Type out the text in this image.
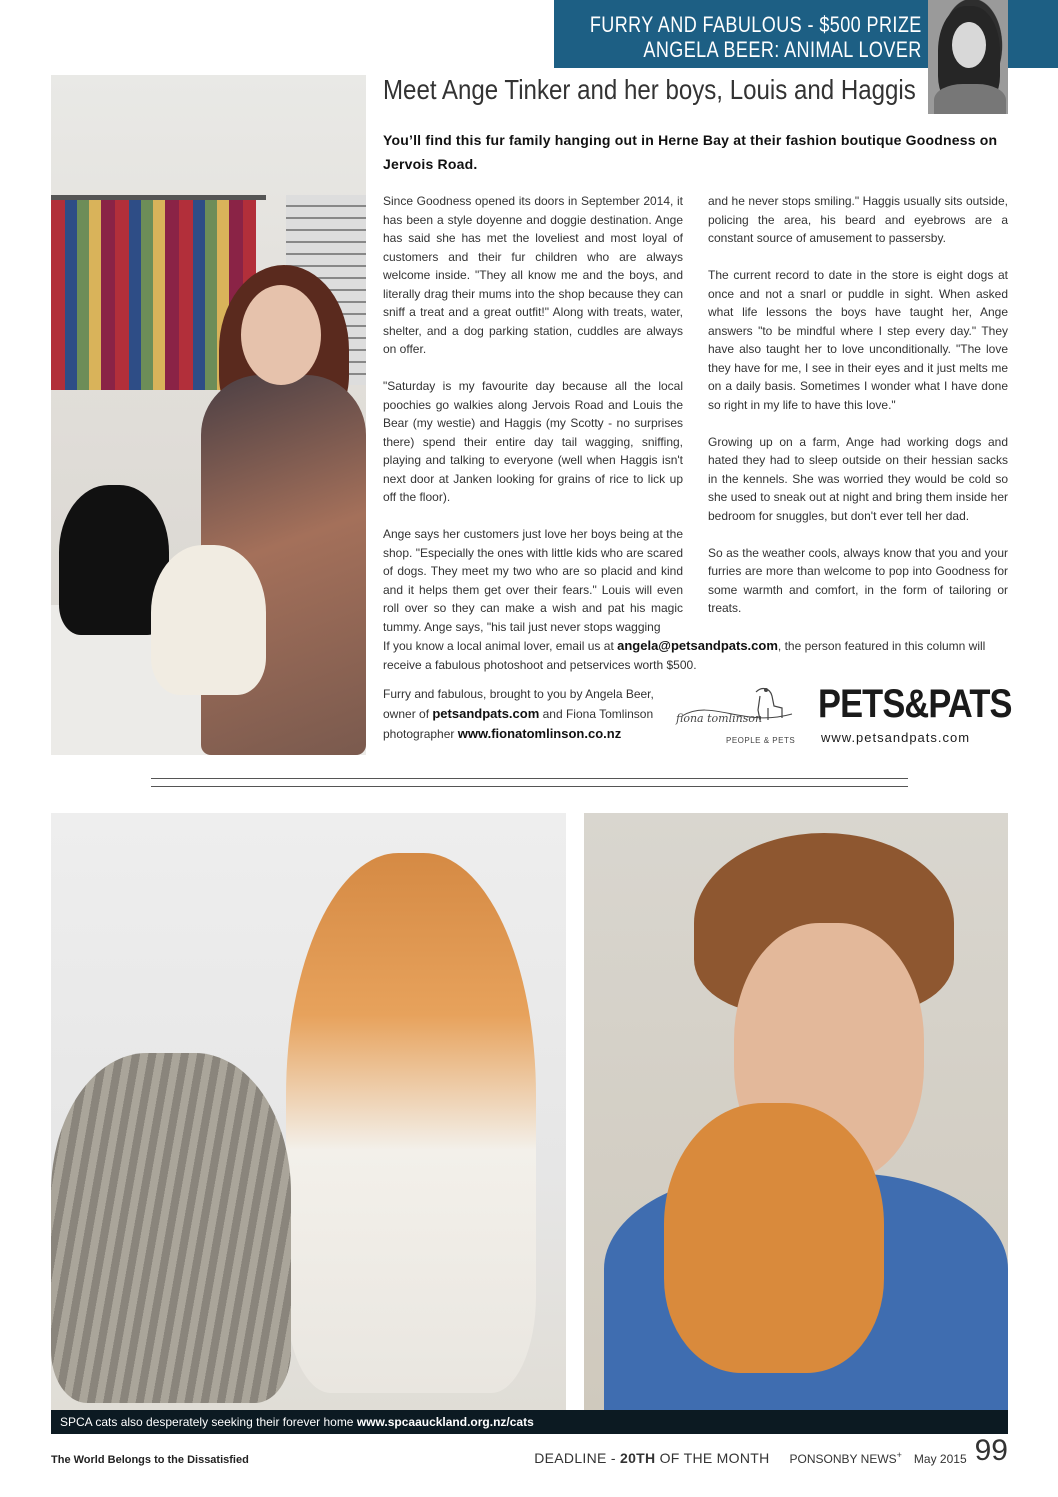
FURRY AND FABULOUS - $500 PRIZE
ANGELA BEER: ANIMAL LOVER
Meet Ange Tinker and her boys, Louis and Haggis

You’ll find this fur family hanging out in Herne Bay at their fashion boutique Goodness on Jervois Road.

Since Goodness opened its doors in September 2014, it has been a style doyenne and doggie destination. Ange has said she has met the loveliest and most loyal of customers and their fur children who are always welcome inside. "They all know me and the boys, and literally drag their mums into the shop because they can sniff a treat and a great outfit!" Along with treats, water, shelter, and a dog parking station, cuddles are always on offer.

"Saturday is my favourite day because all the local poochies go walkies along Jervois Road and Louis the Bear (my westie) and Haggis (my Scotty - no surprises there) spend their entire day tail wagging, sniffing, playing and talking to everyone (well when Haggis isn't next door at Janken looking for grains of rice to lick up off the floor).

Ange says her customers just love her boys being at the shop. "Especially the ones with little kids who are scared of dogs. They meet my two who are so placid and kind and it helps them get over their fears." Louis will even roll over so they can make a wish and pat his magic tummy. Ange says, "his tail just never stops wagging

and he never stops smiling." Haggis usually sits outside, policing the area, his beard and eyebrows are a constant source of amusement to passersby.

The current record to date in the store is eight dogs at once and not a snarl or puddle in sight. When asked what life lessons the boys have taught her, Ange answers "to be mindful where I step every day." They have also taught her to love unconditionally. "The love they have for me, I see in their eyes and it just melts me on a daily basis. Sometimes I wonder what I have done so right in my life to have this love."

Growing up on a farm, Ange had working dogs and hated they had to sleep outside on their hessian sacks in the kennels. She was worried they would be cold so she used to sneak out at night and bring them inside her bedroom for snuggles, but don't ever tell her dad.

So as the weather cools, always know that you and your furries are more than welcome to pop into Goodness for some warmth and comfort, in the form of tailoring or treats.

If you know a local animal lover, email us at angela@petsandpats.com, the person featured in this column will receive a fabulous photoshoot and petservices worth $500.

Furry and fabulous, brought to you by Angela Beer, owner of petsandpats.com and Fiona Tomlinson photographer www.fionatomlinson.co.nz
fiona tomlinson
PEOPLE & PETS
PETS&PATS
www.petsandpats.com
SPCA cats also desperately seeking their forever home www.spcaauckland.org.nz/cats
The World Belongs to the Dissatisfied	DEADLINE - 20TH OF THE MONTH PONSONBY NEWS+ May 2015 99
